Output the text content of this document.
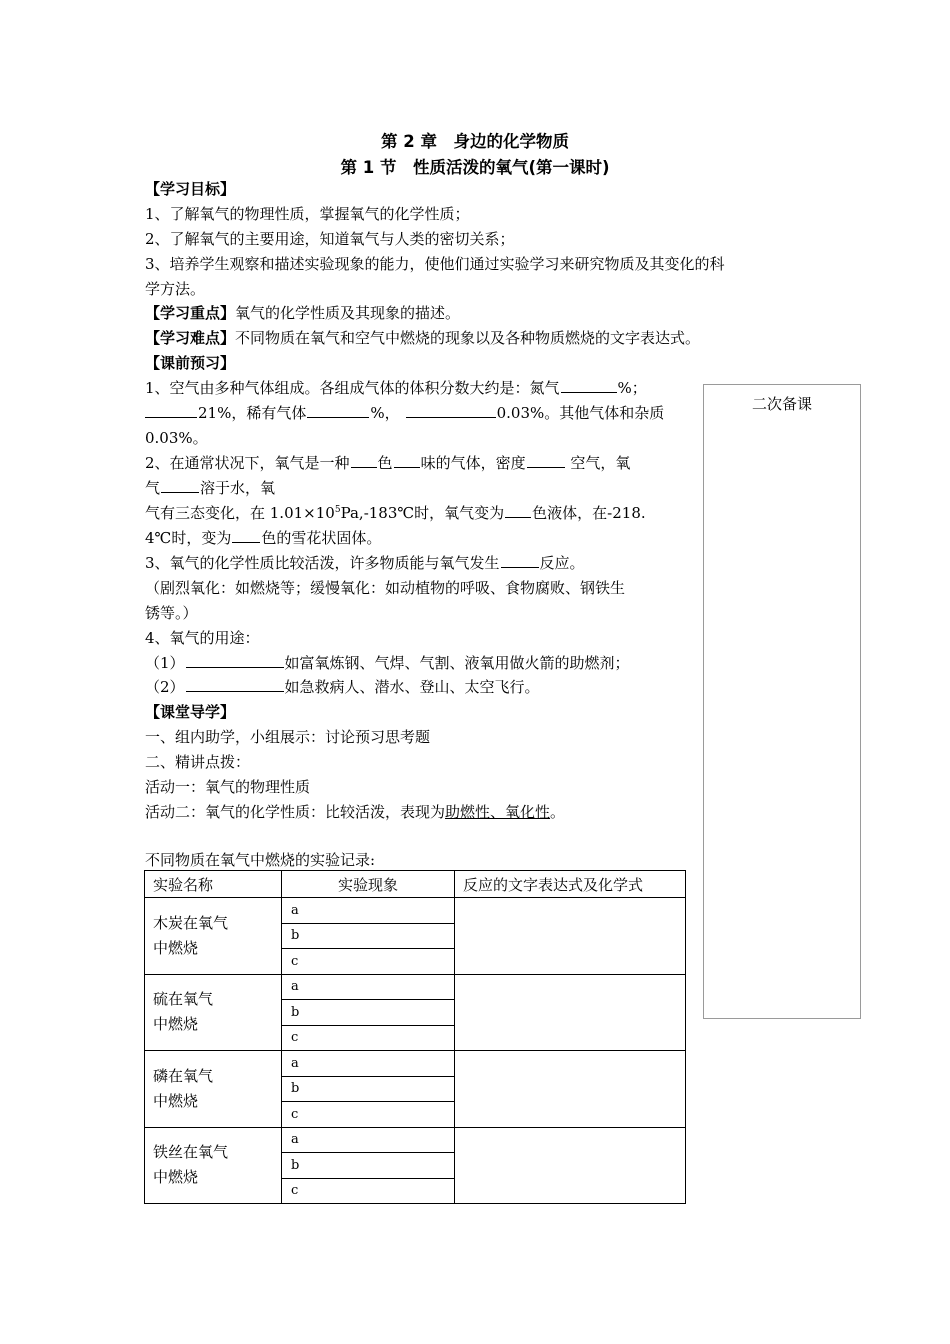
第 2 章　身边的化学物质
第 1 节　性质活泼的氧气(第一课时)
【学习目标】
1、了解氧气的物理性质，掌握氧气的化学性质；
2、了解氧气的主要用途，知道氧气与人类的密切关系；
3、培养学生观察和描述实验现象的能力，使他们通过实验学习来研究物质及其变化的科
学方法。
【学习重点】氧气的化学性质及其现象的描述。
【学习难点】不同物质在氧气和空气中燃烧的现象以及各种物质燃烧的文字表达式。
【课前预习】
1、空气由多种气体组成。各组成气体的体积分数大约是：氮气	%；
21%，稀有气体	%，	0.03%。其他气体和杂质
0.03%。
2、在通常状况下，氧气是一种 色 味的气体，密度	空气，氧
气	溶于水，氧
气有三态变化，在 $1.01\times 10^5Pa,-183℃$时，氧气变为 色液体，在-218.
4℃时，变为 色的雪花状固体。
3、氧气的化学性质比较活泼，许多物质能与氧气发生	反应。
（剧烈氧化：如燃烧等；缓慢氧化：如动植物的呼吸、食物腐败、钢铁生
锈等。）
4、氧气的用途：
（1）	如富氧炼钢、气焊、气割、液氧用做火箭的助燃剂；
（2）	如急救病人、潜水、登山、太空飞行。
【课堂导学】
一、组内助学，小组展示：讨论预习思考题
二、精讲点拨：
活动一：氧气的物理性质
活动二：氧气的化学性质：比较活泼，表现为助燃性、氧化性。
二次备课
不同物质在氧气中燃烧的实验记录:
实验名称	实验现象	反应的文字表达式及化学式
木炭在氧气
中燃烧	a	
	b	
	c	
硫在氧气
中燃烧	a	
	b	
	c	
磷在氧气
中燃烧	a	
	b	
	c	
铁丝在氧气
中燃烧	a	
	b	
	c	
